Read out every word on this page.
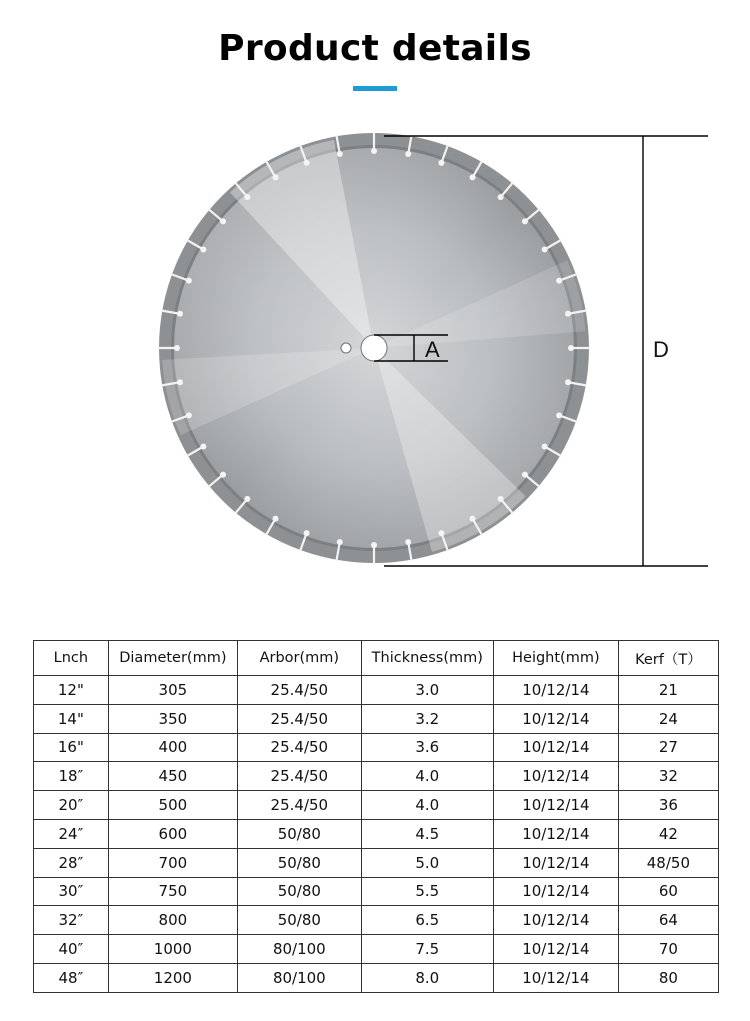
Product details
A	D
Lnch	Diameter(mm)	Arbor(mm)	Thickness(mm)	Height(mm)	Kerf（T）
12"	305	25.4/50	3.0	10/12/14	21
14"	350	25.4/50	3.2	10/12/14	24
16"	400	25.4/50	3.6	10/12/14	27
18″	450	25.4/50	4.0	10/12/14	32
20″	500	25.4/50	4.0	10/12/14	36
24″	600	50/80	4.5	10/12/14	42
28″	700	50/80	5.0	10/12/14	48/50
30″	750	50/80	5.5	10/12/14	60
32″	800	50/80	6.5	10/12/14	64
40″	1000	80/100	7.5	10/12/14	70
48″	1200	80/100	8.0	10/12/14	80
